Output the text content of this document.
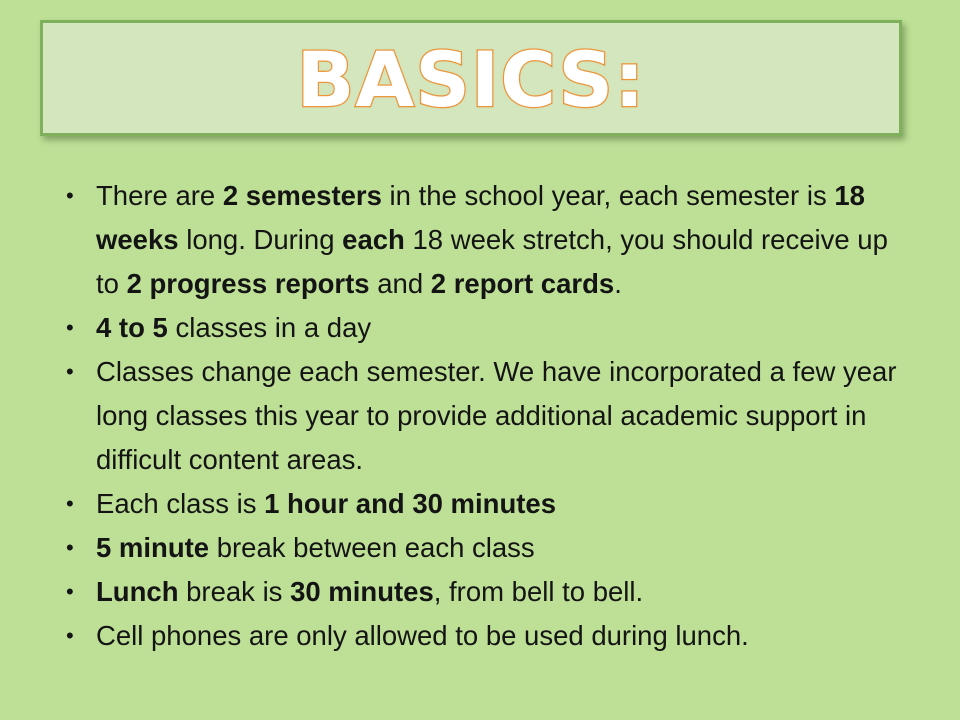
BASICS:
• There are 2 semesters in the school year, each semester is 18 weeks long. During each 18 week stretch, you should receive up to 2 progress reports and 2 report cards.
• 4 to 5 classes in a day
• Classes change each semester. We have incorporated a few year long classes this year to provide additional academic support in difficult content areas.
• Each class is 1 hour and 30 minutes
• 5 minute break between each class
• Lunch break is 30 minutes, from bell to bell.
• Cell phones are only allowed to be used during lunch.
